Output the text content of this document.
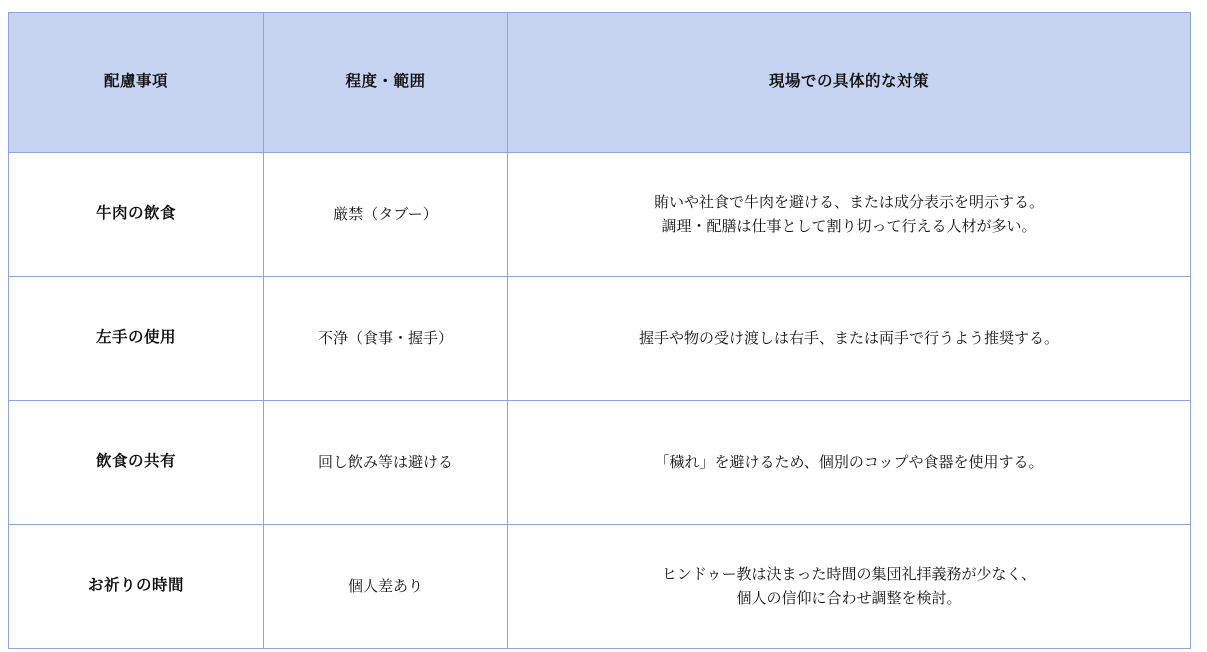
配慮事項	程度・範囲	現場での具体的な対策
牛肉の飲食	厳禁（タブー）	賄いや社食で牛肉を避ける、または成分表示を明示する。
調理・配膳は仕事として割り切って行える人材が多い。

左手の使用	不浄（食事・握手）	握手や物の受け渡しは右手、または両手で行うよう推奨する。

飲食の共有	回し飲み等は避ける	「穢れ」を避けるため、個別のコップや食器を使用する。

お祈りの時間	個人差あり	ヒンドゥー教は決まった時間の集団礼拝義務が少なく、
個人の信仰に合わせ調整を検討。
